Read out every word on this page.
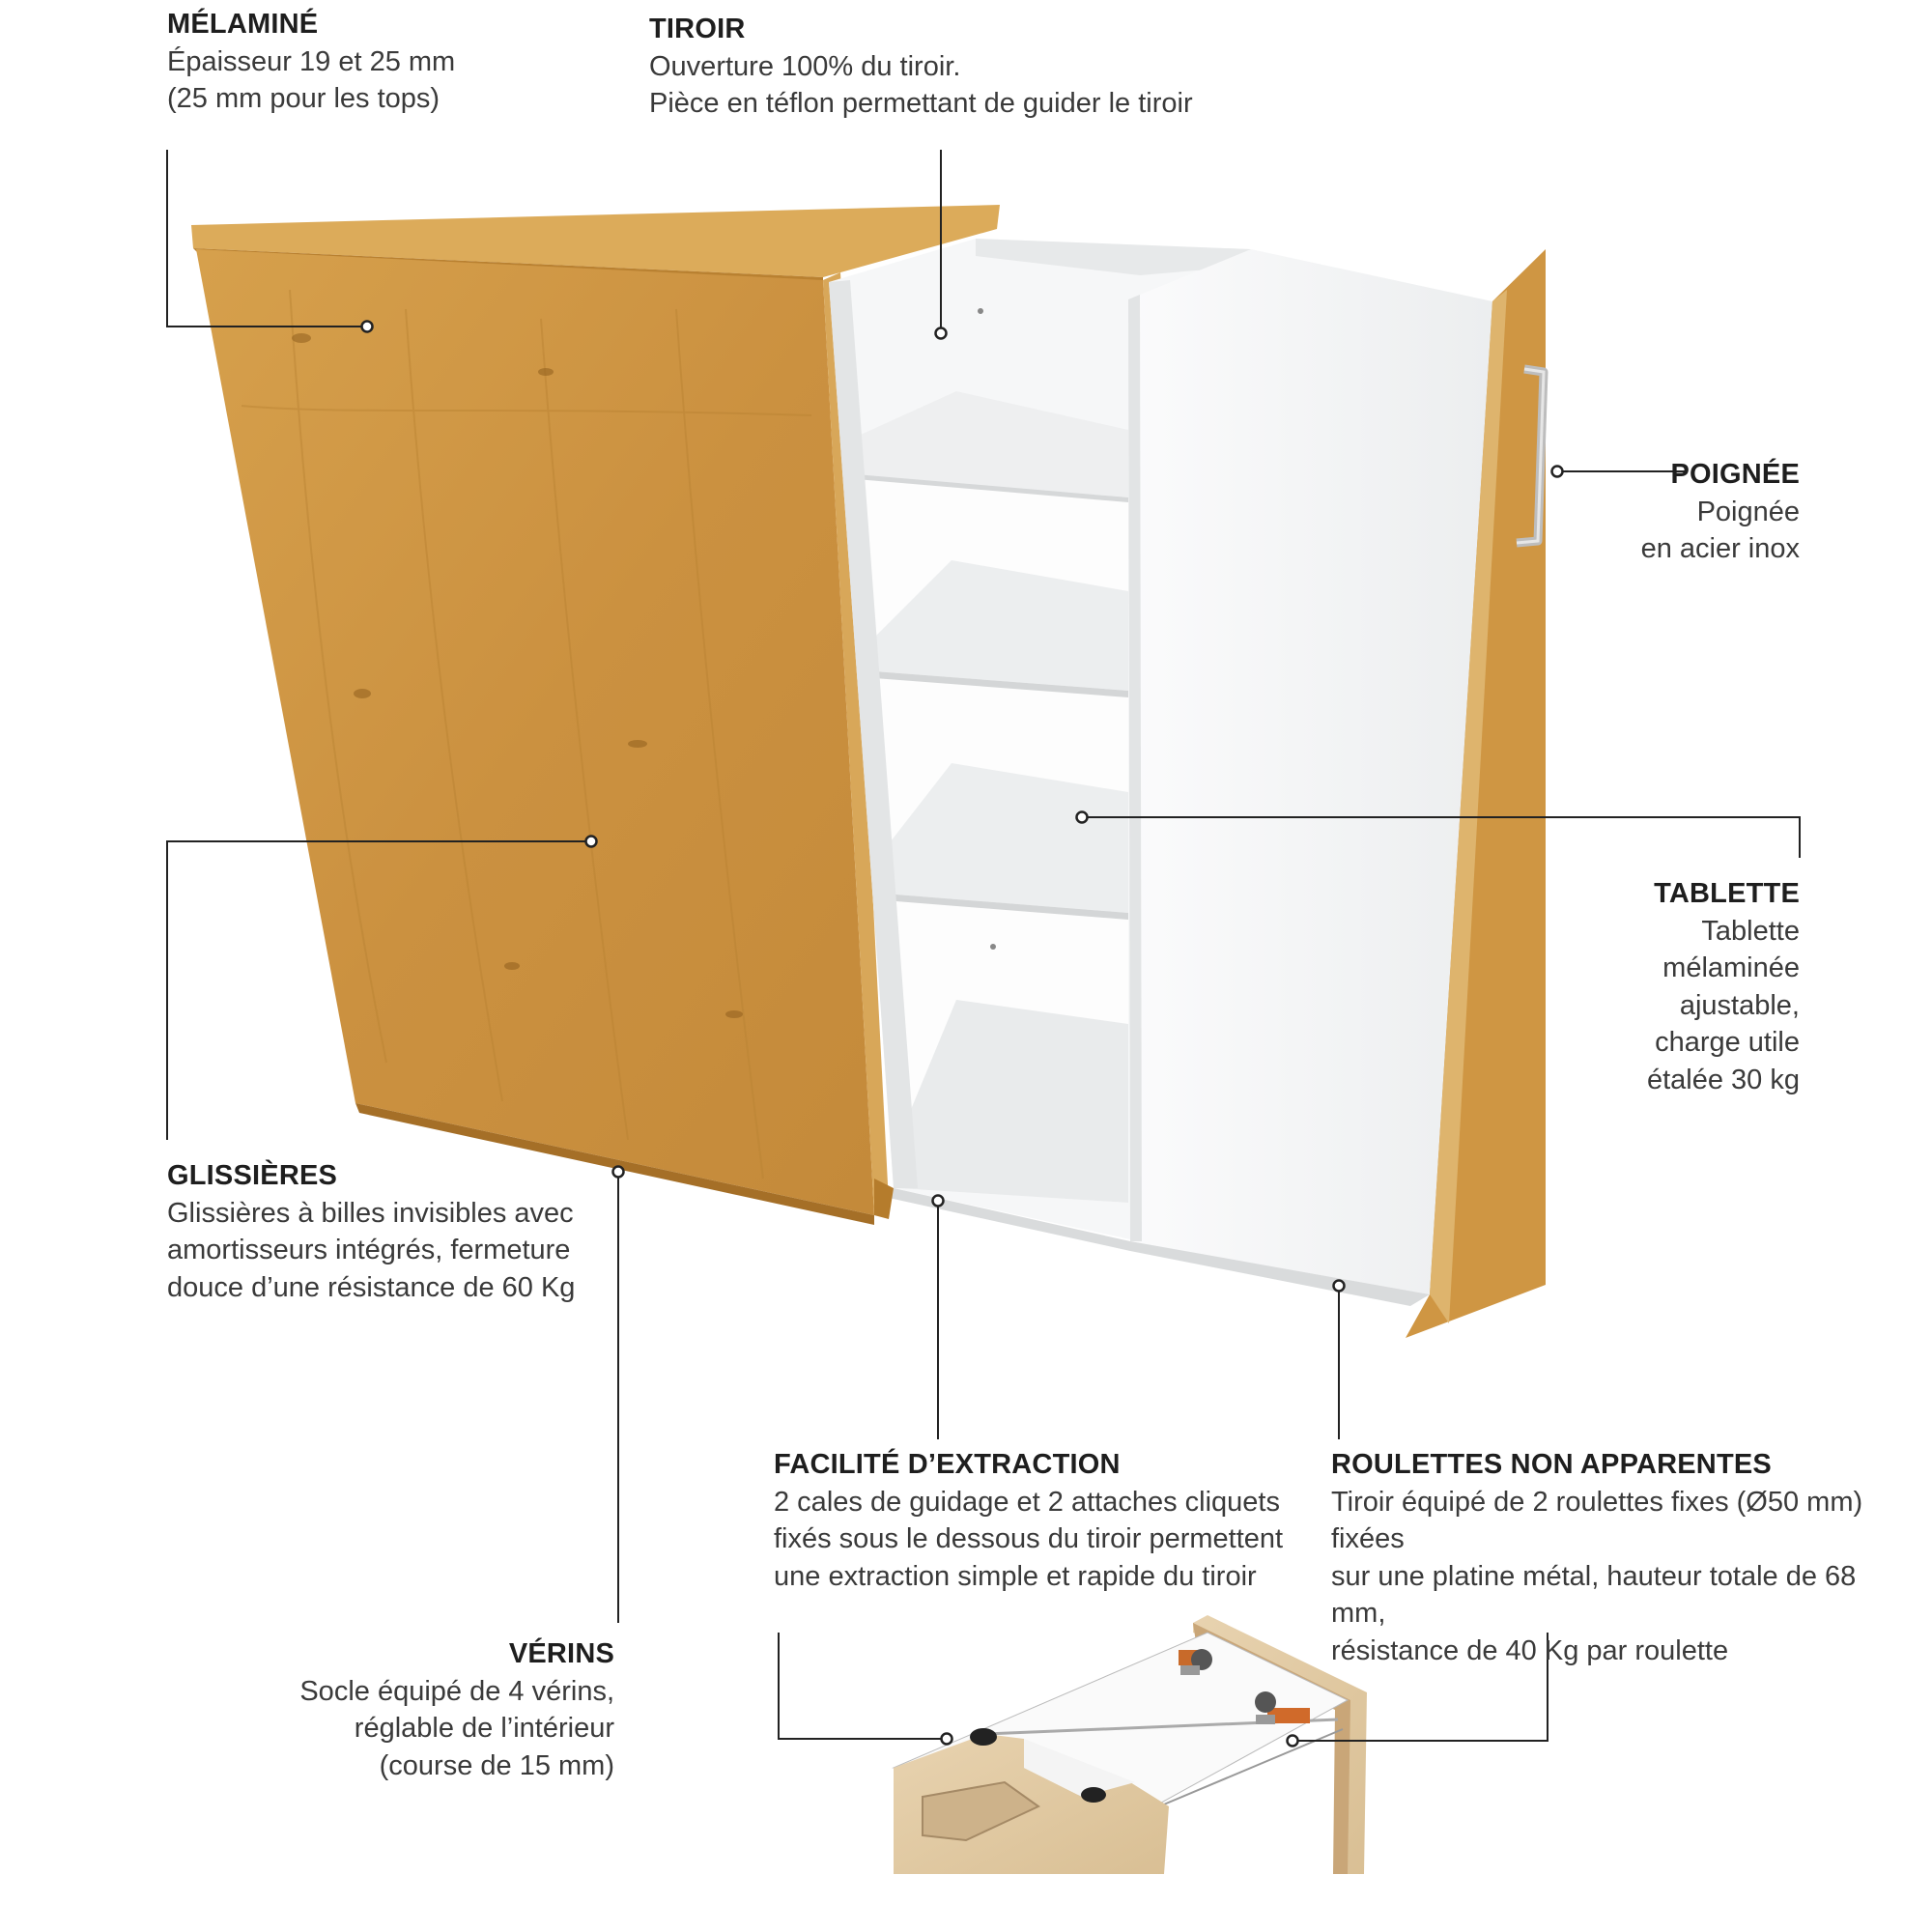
MÉLAMINÉ
Épaisseur 19 et 25 mm
(25 mm pour les tops)
TIROIR
Ouverture 100% du tiroir.
Pièce en téflon permettant de guider le tiroir
POIGNÉE
Poignée
en acier inox
TABLETTE
Tablette
mélaminée
ajustable,
charge utile
étalée 30 kg
GLISSIÈRES
Glissières à billes invisibles avec
amortisseurs intégrés, fermeture
douce d’une résistance de 60 Kg
FACILITÉ D’EXTRACTION
2 cales de guidage et 2 attaches cliquets
fixés sous le dessous du tiroir permettent
une extraction simple et rapide du tiroir
ROULETTES NON APPARENTES
Tiroir équipé de 2 roulettes fixes (Ø50 mm) fixées
sur une platine métal, hauteur totale de 68 mm,
résistance de 40 Kg par roulette
VÉRINS
Socle équipé de 4 vérins,
réglable de l’intérieur
(course de 15 mm)
